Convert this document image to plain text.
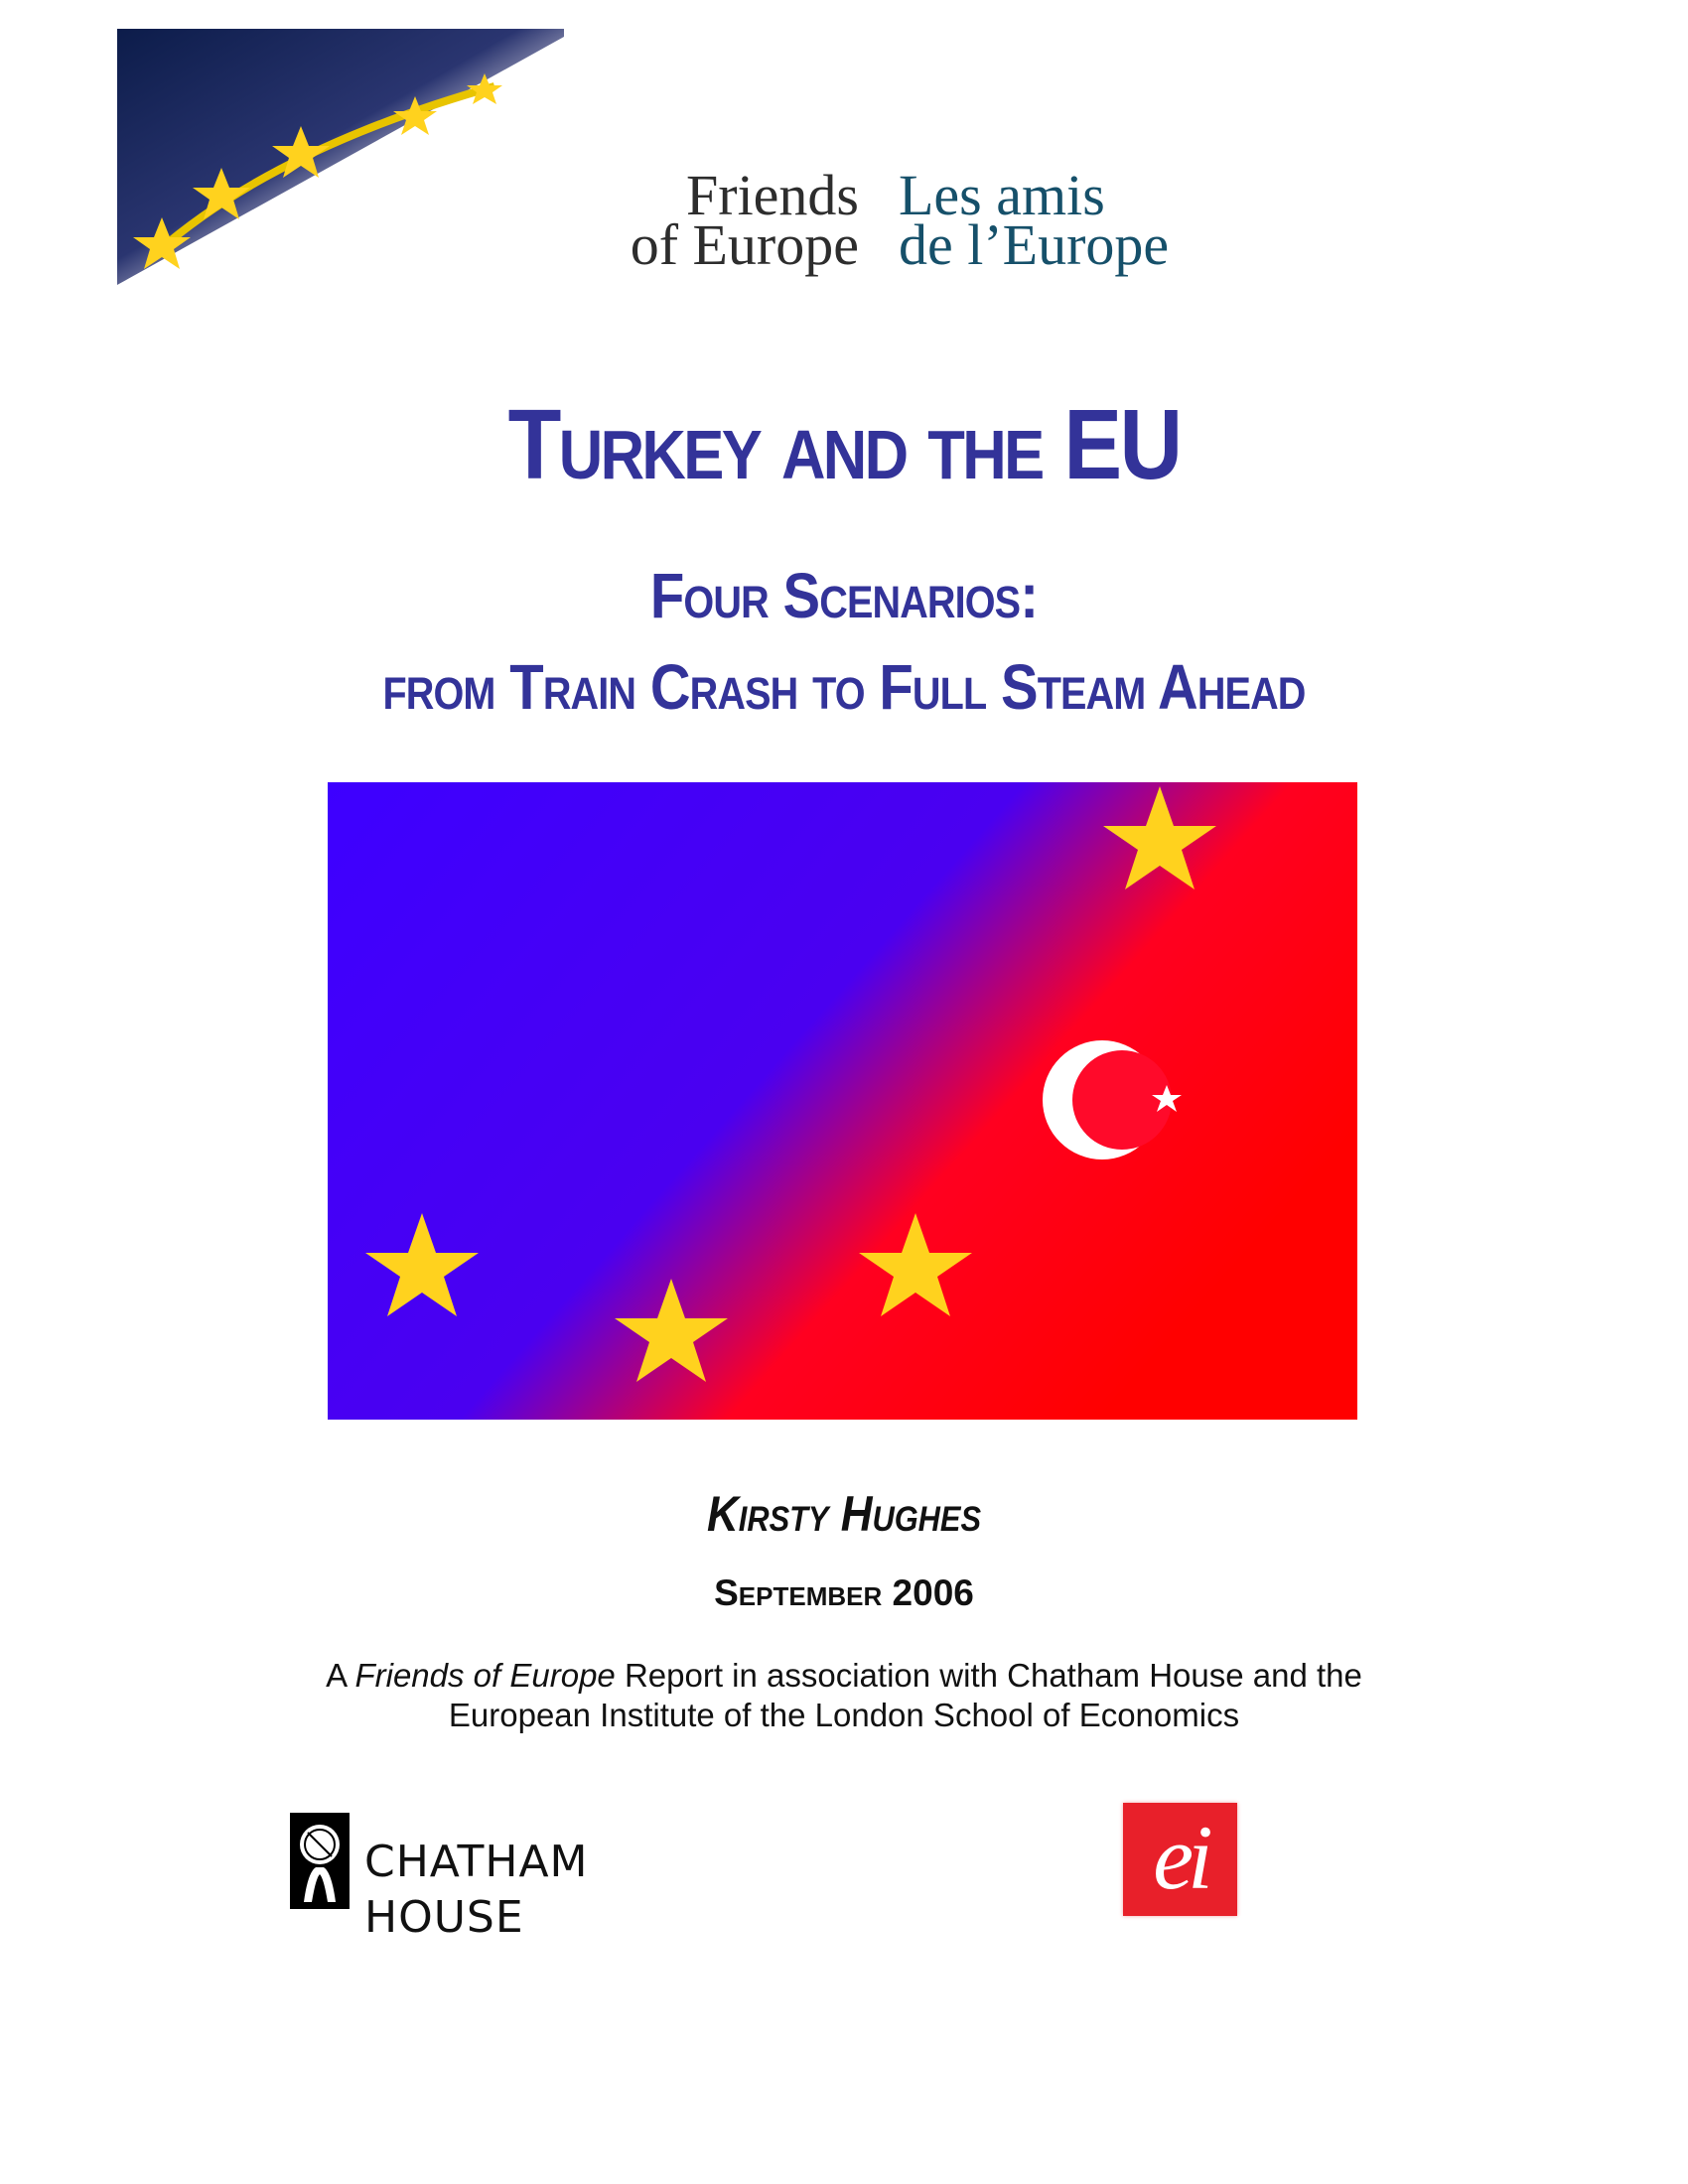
Friends
of Europe
Les amis
de l’Europe
Turkey and the EU
Four Scenarios:
from Train Crash to Full Steam Ahead
Kirsty Hughes
September 2006
A Friends of Europe Report in association with Chatham House and the
European Institute of the London School of Economics
CHATHAM HOUSE
ei
